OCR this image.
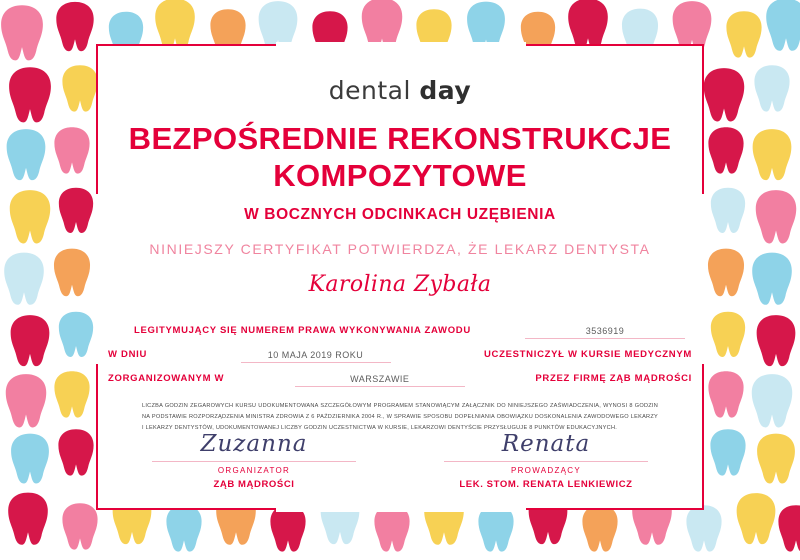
dental day
BEZPOŚREDNIE REKONSTRUKCJE
KOMPOZYTOWE
W BOCZNYCH ODCINKACH UZĘBIENIA
NINIEJSZY CERTYFIKAT POTWIERDZA, ŻE LEKARZ DENTYSTA
Karolina Zybała
LEGITYMUJĄCY SIĘ NUMEREM PRAWA WYKONYWANIA ZAWODU	3536919
W DNIU	10 MAJA 2019 ROKU	UCZESTNICZYŁ W KURSIE MEDYCZNYM
ZORGANIZOWANYM W	WARSZAWIE	PRZEZ FIRMĘ ZĄB MĄDROŚCI
LICZBA GODZIN ZEGAROWYCH KURSU UDOKUMENTOWANA SZCZEGÓŁOWYM PROGRAMEM STANOWIĄCYM ZAŁĄCZNIK DO NINIEJSZEGO ZAŚWIADCZENIA, WYNOSI 8 GODZIN NA PODSTAWIE ROZPORZĄDZENIA MINISTRA ZDROWIA Z 6 PAŹDZIERNIKA 2004 R., W SPRAWIE SPOSOBU DOPEŁNIANIA OBOWIĄZKU DOSKONALENIA ZAWODOWEGO LEKARZY I LEKARZY DENTYSTÓW, UDOKUMENTOWANEJ LICZBY GODZIN UCZESTNICTWA W KURSIE, LEKARZOWI DENTYŚCIE PRZYSŁUGUJE 8 PUNKTÓW EDUKACYJNYCH.
Zuzanna
ORGANIZATOR
ZĄB MĄDROŚCI
Renata
PROWADZĄCY
LEK. STOM. RENATA LENKIEWICZ
